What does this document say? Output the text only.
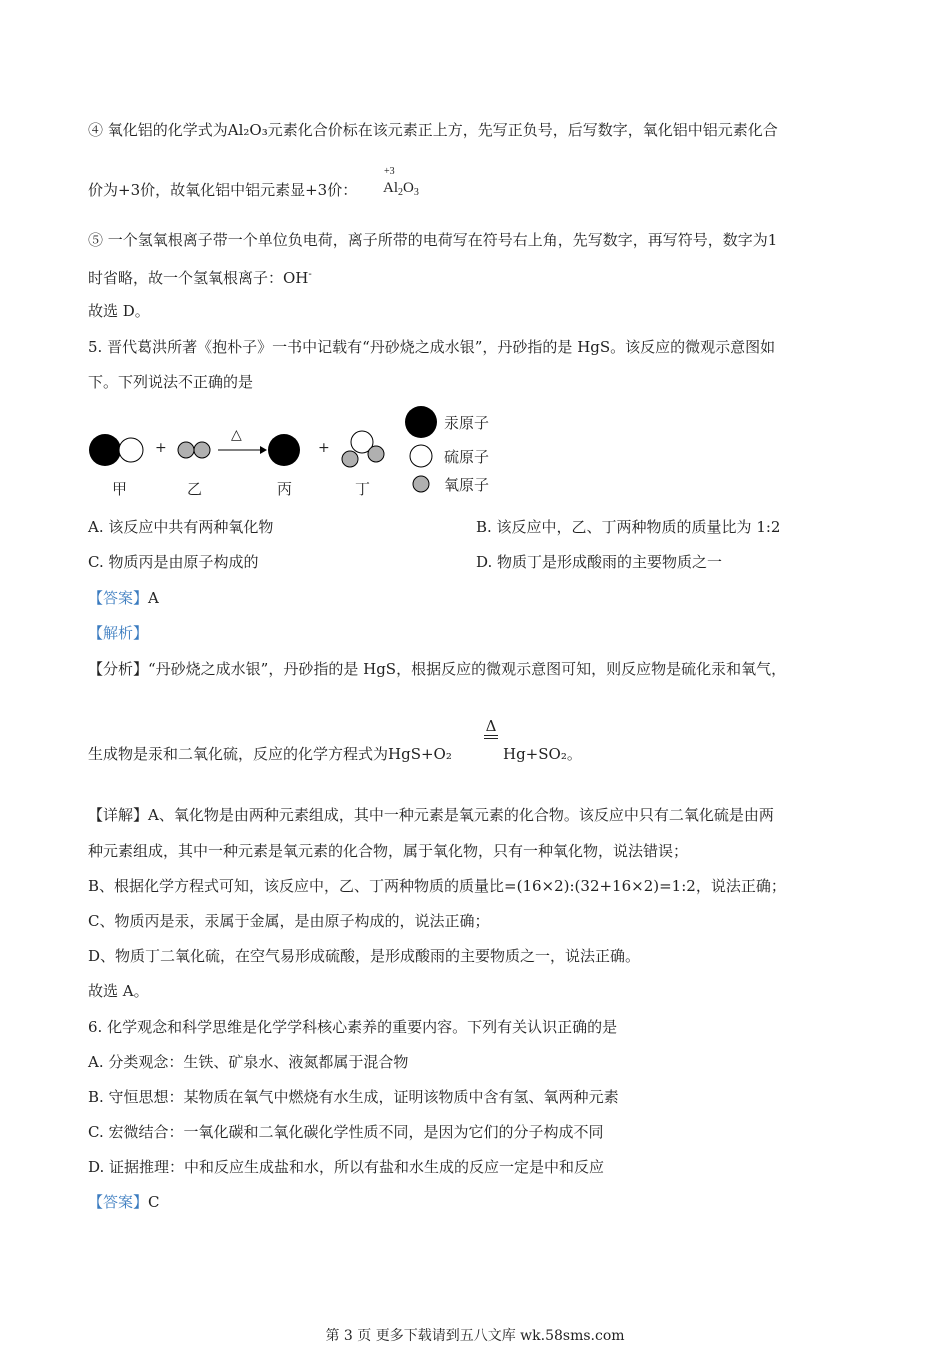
④ 氧化铝的化学式为Al₂O₃元素化合价标在该元素正上方，先写正负号，后写数字，氧化铝中铝元素化合
价为+3价，故氧化铝中铝元素显+3价：
+3
$Al_2O_3$
⑤ 一个氢氧根离子带一个单位负电荷，离子所带的电荷写在符号右上角，先写数字，再写符号，数字为1
时省略，故一个氢氧根离子：OH-
故选 D。
5. 晋代葛洪所著《抱朴子》一书中记载有“丹砂烧之成水银”，丹砂指的是 HgS。该反应的微观示意图如
下。下列说法不正确的是
+	+
△
甲	乙	丙	丁
汞原子
硫原子
氧原子
A. 该反应中共有两种氧化物	B. 该反应中，乙、丁两种物质的质量比为 1:2
C. 物质丙是由原子构成的	D. 物质丁是形成酸雨的主要物质之一
【答案】A
【解析】
【分析】“丹砂烧之成水银”，丹砂指的是 HgS，根据反应的微观示意图可知，则反应物是硫化汞和氧气，
生成物是汞和二氧化硫，反应的化学方程式为HgS+O₂
Δ
Hg+SO₂。
【详解】A、氧化物是由两种元素组成，其中一种元素是氧元素的化合物。该反应中只有二氧化硫是由两
种元素组成，其中一种元素是氧元素的化合物，属于氧化物，只有一种氧化物，说法错误；
B、根据化学方程式可知，该反应中，乙、丁两种物质的质量比=(16×2):(32+16×2)=1:2，说法正确；
C、物质丙是汞，汞属于金属，是由原子构成的，说法正确；
D、物质丁二氧化硫，在空气易形成硫酸，是形成酸雨的主要物质之一，说法正确。
故选 A。
6. 化学观念和科学思维是化学学科核心素养的重要内容。下列有关认识正确的是
A. 分类观念：生铁、矿泉水、液氮都属于混合物
B. 守恒思想：某物质在氧气中燃烧有水生成，证明该物质中含有氢、氧两种元素
C. 宏微结合：一氧化碳和二氧化碳化学性质不同，是因为它们的分子构成不同
D. 证据推理：中和反应生成盐和水，所以有盐和水生成的反应一定是中和反应
【答案】C
第 3 页 更多下载请到五八文库 wk.58sms.com
